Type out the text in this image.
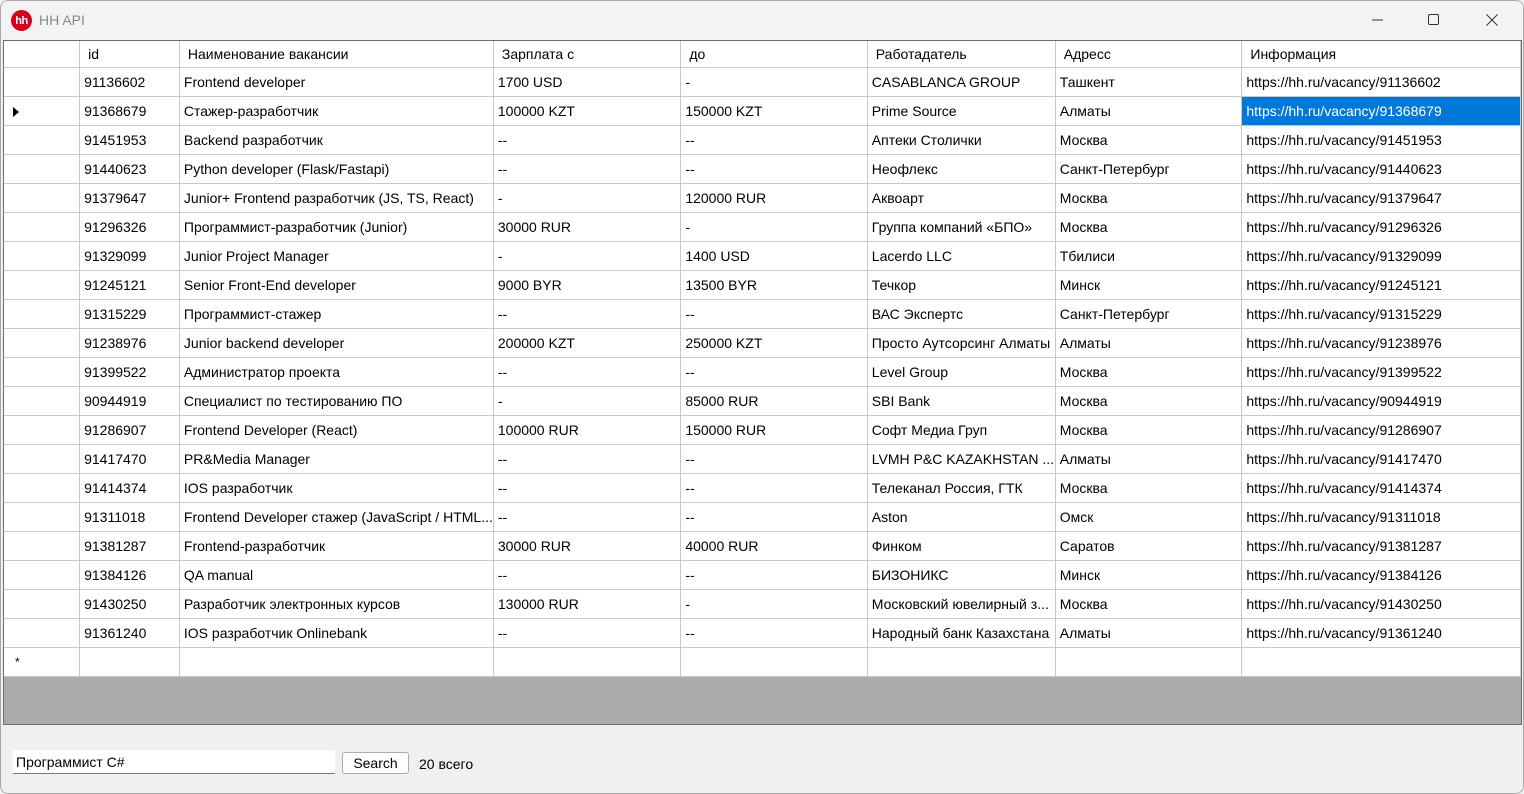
hh HH API
	id	Наименование вакансии	Зарплата с	до	Работадатель	Адресс	Информация
	91136602	Frontend developer	1700 USD	-	CASABLANCA GROUP	Ташкент	https://hh.ru/vacancy/91136602

	91368679	Стажер-разработчик	100000 KZT	150000 KZT	Prime Source	Алматы	https://hh.ru/vacancy/91368679
	91451953	Backend разработчик	--	--	Аптеки Столички	Москва	https://hh.ru/vacancy/91451953
	91440623	Python developer (Flask/Fastapi)	--	--	Неофлекс	Санкт-Петербург	https://hh.ru/vacancy/91440623
	91379647	Junior+ Frontend разработчик (JS, TS, React)	-	120000 RUR	Аквоарт	Москва	https://hh.ru/vacancy/91379647
	91296326	Программист-разработчик (Junior)	30000 RUR	-	Группа компаний «БПО»	Москва	https://hh.ru/vacancy/91296326
	91329099	Junior Project Manager	-	1400 USD	Lacerdo LLC	Тбилиси	https://hh.ru/vacancy/91329099
	91245121	Senior Front-End developer	9000 BYR	13500 BYR	Течкор	Минск	https://hh.ru/vacancy/91245121
	91315229	Программист-стажер	--	--	ВАС Экспертс	Санкт-Петербург	https://hh.ru/vacancy/91315229
	91238976	Junior backend developer	200000 KZT	250000 KZT	Просто Аутсорсинг Алматы	Алматы	https://hh.ru/vacancy/91238976
	91399522	Администратор проекта	--	--	Level Group	Москва	https://hh.ru/vacancy/91399522
	90944919	Специалист по тестированию ПО	-	85000 RUR	SBI Bank	Москва	https://hh.ru/vacancy/90944919
	91286907	Frontend Developer (React)	100000 RUR	150000 RUR	Софт Медиа Груп	Москва	https://hh.ru/vacancy/91286907
	91417470	PR&Media Manager	--	--	LVMH P&C KAZAKHSTAN ...	Алматы	https://hh.ru/vacancy/91417470
	91414374	IOS разработчик	--	--	Телеканал Россия, ГТК	Москва	https://hh.ru/vacancy/91414374
	91311018	Frontend Developer стажер (JavaScript / HTML...	--	--	Aston	Омск	https://hh.ru/vacancy/91311018
	91381287	Frontend-разработчик	30000 RUR	40000 RUR	Финком	Саратов	https://hh.ru/vacancy/91381287
	91384126	QA manual	--	--	БИЗОНИКС	Минск	https://hh.ru/vacancy/91384126
	91430250	Разработчик электронных курсов	130000 RUR	-	Московский ювелирный з...	Москва	https://hh.ru/vacancy/91430250
	91361240	IOS разработчик Onlinebank	--	--	Народный банк Казахстана	Алматы	https://hh.ru/vacancy/91361240

*							

Программист C#
Search	20 всего
